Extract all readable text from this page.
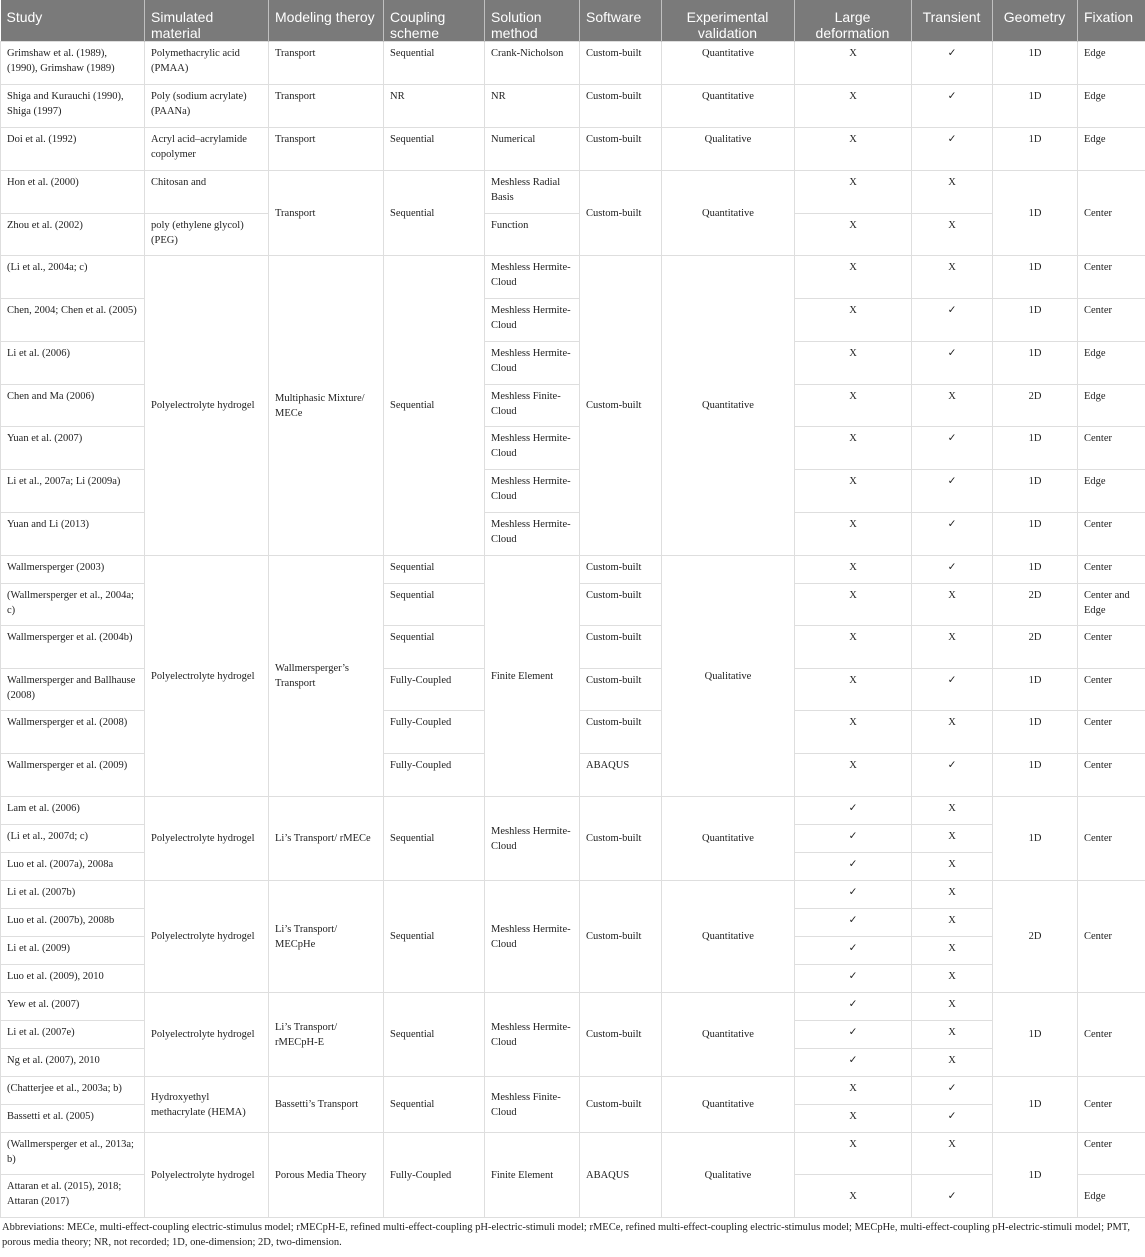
Study	Simulated material	Modeling theroy	Coupling scheme	Solution method	Software	Experimental validation	Large deformation	Transient	Geometry	Fixation
Grimshaw et al. (1989), (1990), Grimshaw (1989)	Polymethacrylic acid (PMAA)	Transport	Sequential	Crank-Nicholson	Custom-built	Quantitative	X	✓	1D	Edge
Shiga and Kurauchi (1990), Shiga (1997)	Poly (sodium acrylate) (PAANa)	Transport	NR	NR	Custom-built	Quantitative	X	✓	1D	Edge
Doi et al. (1992)	Acryl acid–acrylamide copolymer	Transport	Sequential	Numerical	Custom-built	Qualitative	X	✓	1D	Edge
Hon et al. (2000)	Chitosan and	Transport	Sequential	Meshless Radial Basis	Custom-built	Quantitative	X	X	1D	Center
Zhou et al. (2002)	poly (ethylene glycol) (PEG)			Function			X	X		
(Li et al., 2004a; c)	Polyelectrolyte hydrogel	Multiphasic Mixture/ MECe	Sequential	Meshless Hermite-Cloud	Custom-built	Quantitative	X	X	1D	Center
Chen, 2004; Chen et al. (2005)				Meshless Hermite-Cloud			X	✓	1D	Center
Li et al. (2006)				Meshless Hermite-Cloud			X	✓	1D	Edge
Chen and Ma (2006)				Meshless Finite-Cloud			X	X	2D	Edge
Yuan et al. (2007)				Meshless Hermite-Cloud			X	✓	1D	Center
Li et al., 2007a; Li (2009a)				Meshless Hermite-Cloud			X	✓	1D	Edge
Yuan and Li (2013)				Meshless Hermite-Cloud			X	✓	1D	Center
Wallmersperger (2003)	Polyelectrolyte hydrogel	Wallmersperger’s Transport	Sequential	Finite Element	Custom-built	Qualitative	X	✓	1D	Center
(Wallmersperger et al., 2004a; c)			Sequential		Custom-built		X	X	2D	Center and Edge
Wallmersperger et al. (2004b)			Sequential		Custom-built		X	X	2D	Center
Wallmersperger and Ballhause (2008)			Fully-Coupled		Custom-built		X	✓	1D	Center
Wallmersperger et al. (2008)			Fully-Coupled		Custom-built		X	X	1D	Center
Wallmersperger et al. (2009)			Fully-Coupled		ABAQUS		X	✓	1D	Center
Lam et al. (2006)	Polyelectrolyte hydrogel	Li’s Transport/ rMECe	Sequential	Meshless Hermite-Cloud	Custom-built	Quantitative	✓	X	1D	Center
(Li et al., 2007d; c)							✓	X		
Luo et al. (2007a), 2008a							✓	X		
Li et al. (2007b)	Polyelectrolyte hydrogel	Li’s Transport/ MECpHe	Sequential	Meshless Hermite-Cloud	Custom-built	Quantitative	✓	X	2D	Center
Luo et al. (2007b), 2008b							✓	X		
Li et al. (2009)							✓	X		
Luo et al. (2009), 2010							✓	X		
Yew et al. (2007)	Polyelectrolyte hydrogel	Li’s Transport/ rMECpH-E	Sequential	Meshless Hermite-Cloud	Custom-built	Quantitative	✓	X	1D	Center
Li et al. (2007e)							✓	X		
Ng et al. (2007), 2010							✓	X		
(Chatterjee et al., 2003a; b)	Hydroxyethyl methacrylate (HEMA)	Bassetti’s Transport	Sequential	Meshless Finite-Cloud	Custom-built	Quantitative	X	✓	1D	Center
Bassetti et al. (2005)							X	✓		
(Wallmersperger et al., 2013a; b)	Polyelectrolyte hydrogel	Porous Media Theory	Fully-Coupled	Finite Element	ABAQUS	Qualitative	X	X	1D	Center
Attaran et al. (2015), 2018; Attaran (2017)							X	✓		Edge
Abbreviations: MECe, multi-effect-coupling electric-stimulus model; rMECpH-E, refined multi-effect-coupling pH-electric-stimuli model; rMECe, refined multi-effect-coupling electric-stimulus model; MECpHe, multi-effect-coupling pH-electric-stimuli model; PMT, porous media theory; NR, not recorded; 1D, one-dimension; 2D, two-dimension.
